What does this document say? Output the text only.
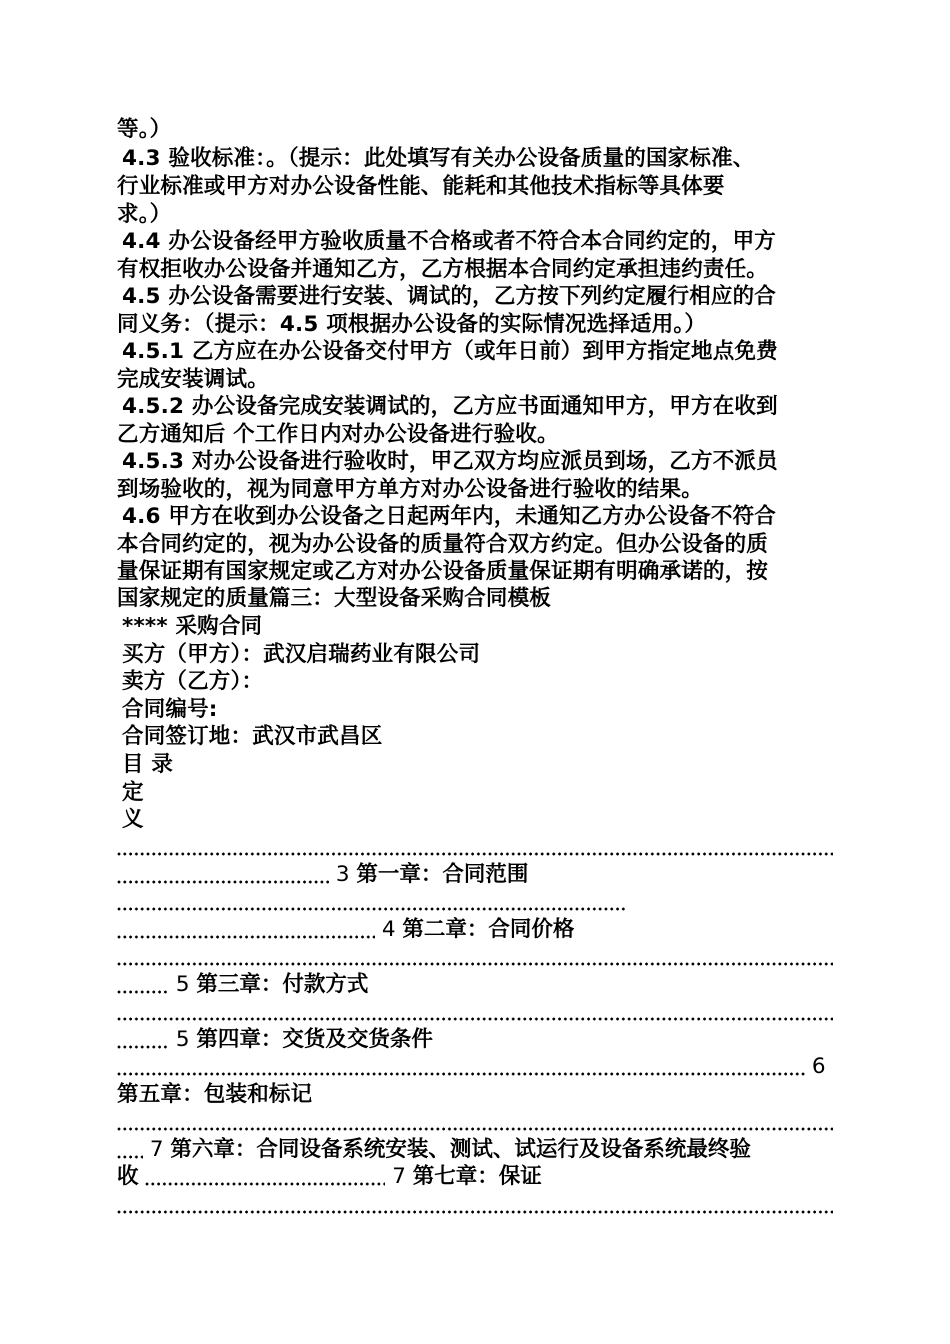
等。）
4.3 验收标准：。（提示：此处填写有关办公设备质量的国家标准、
行业标准或甲方对办公设备性能、能耗和其他技术指标等具体要
求。）
4.4 办公设备经甲方验收质量不合格或者不符合本合同约定的，甲方
有权拒收办公设备并通知乙方，乙方根据本合同约定承担违约责任。
4.5 办公设备需要进行安装、调试的，乙方按下列约定履行相应的合
同义务：（提示：4.5 项根据办公设备的实际情况选择适用。）
4.5.1 乙方应在办公设备交付甲方（或年日前）到甲方指定地点免费
完成安装调试。
4.5.2 办公设备完成安装调试的，乙方应书面通知甲方，甲方在收到
乙方通知后 个工作日内对办公设备进行验收。
4.5.3 对办公设备进行验收时，甲乙双方均应派员到场，乙方不派员
到场验收的，视为同意甲方单方对办公设备进行验收的结果。
4.6 甲方在收到办公设备之日起两年内，未通知乙方办公设备不符合
本合同约定的，视为办公设备的质量符合双方约定。但办公设备的质
量保证期有国家规定或乙方对办公设备质量保证期有明确承诺的，按
国家规定的质量篇三：大型设备采购合同模板
**** 采购合同
买方（甲方）：武汉启瑞药业有限公司
卖方（乙方）：
合同编号:
合同签订地：武汉市武昌区
目 录
定
义
3 第一章：合同范围
4 第二章：合同价格
5 第三章：付款方式
5 第四章：交货及交货条件
6
第五章：包装和标记
7 第六章：合同设备系统安装、测试、试运行及设备系统最终验
收	7 第七章：保证
